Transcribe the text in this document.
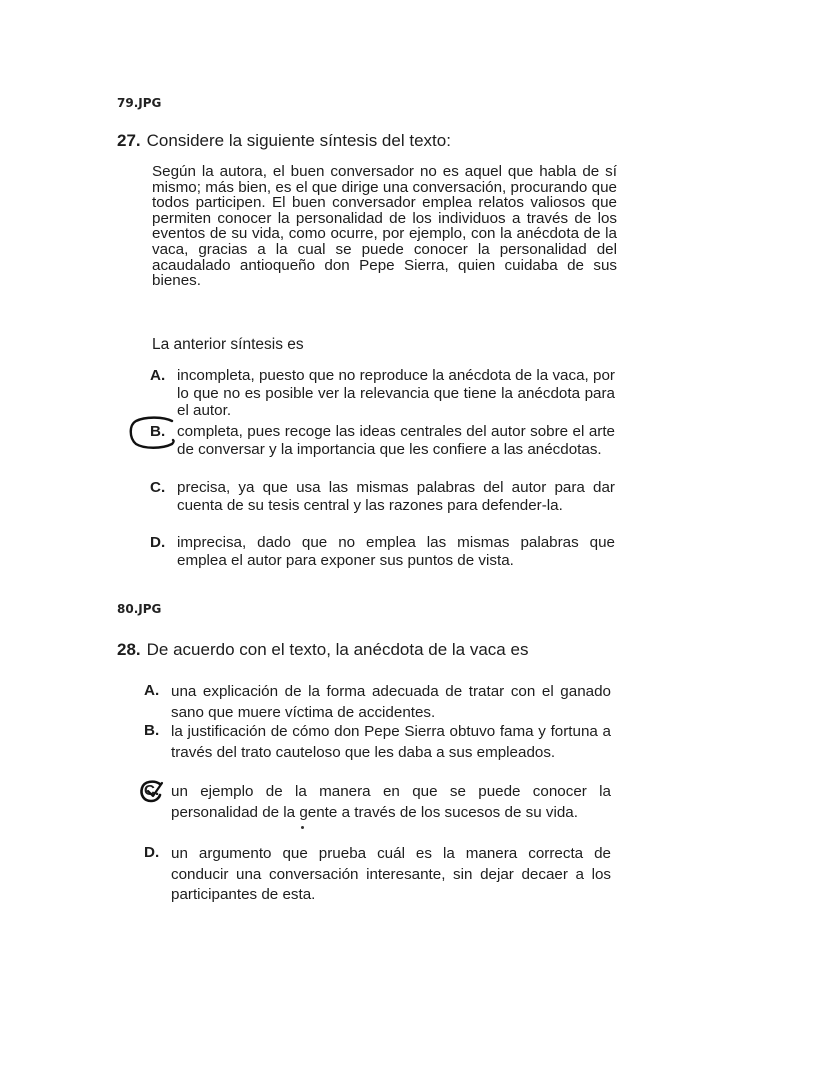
79.JPG
27. Considere la siguiente síntesis del texto:
Según la autora, el buen conversador no es aquel que habla de sí mismo; más bien, es el que dirige una conversación, procurando que todos participen. El buen conversador emplea relatos valiosos que permiten conocer la personalidad de los individuos a través de los eventos de su vida, como ocurre, por ejemplo, con la anécdota de la vaca, gracias a la cual se puede conocer la personalidad del acaudalado antioqueño don Pepe Sierra, quien cuidaba de sus bienes.
La anterior síntesis es
A. incompleta, puesto que no reproduce la anécdota de la vaca, por lo que no es posible ver la relevancia que tiene la anécdota para el autor.
B. completa, pues recoge las ideas centrales del autor sobre el arte de conversar y la importancia que les confiere a las anécdotas.
C. precisa, ya que usa las mismas palabras del autor para dar cuenta de su tesis central y las razones para defender-la.
D. imprecisa, dado que no emplea las mismas palabras que emplea el autor para exponer sus puntos de vista.
80.JPG
28. De acuerdo con el texto, la anécdota de la vaca es
A. una explicación de la forma adecuada de tratar con el ganado sano que muere víctima de accidentes.
B. la justificación de cómo don Pepe Sierra obtuvo fama y fortuna a través del trato cauteloso que les daba a sus empleados.
C. un ejemplo de la manera en que se puede conocer la personalidad de la gente a través de los sucesos de su vida.
D. un argumento que prueba cuál es la manera correcta de conducir una conversación interesante, sin dejar decaer a los participantes de esta.
